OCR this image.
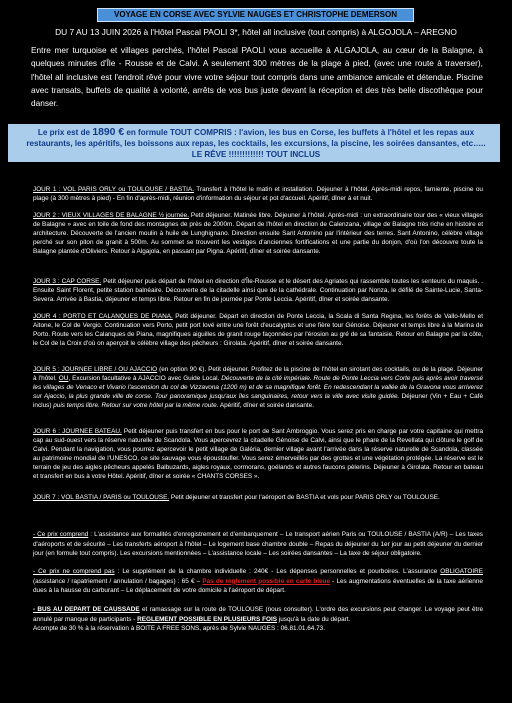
VOYAGE EN CORSE AVEC SYLVIE NAUGES ET CHRISTOPHE DEMERSON
DU 7 AU 13 JUIN 2026 à l'Hôtel Pascal PAOLI 3*, hôtel all inclusive (tout compris) à ALGOJOLA – AREGNO
Entre mer turquoise et villages perchés, l'hôtel Pascal PAOLI vous accueille à ALGAJOLA, au cœur de la Balagne, à quelques minutes d'Île - Rousse et de Calvi. A seulement 300 mètres de la plage à pied, (avec une route à traverser), l'hôtel all inclusive est l'endroit rêvé pour vivre votre séjour tout compris dans une ambiance amicale et détendue. Piscine avec transats, buffets de qualité à volonté, arrêts de vos bus juste devant la réception et des très belle discothèque pour danser.
Le prix est de 1890 € en formule TOUT COMPRIS : l'avion, les bus en Corse, les buffets à l'hôtel et les repas aux
restaurants, les apéritifs, les boissons aux repas, les cocktails, les excursions, la piscine, les soirées dansantes, etc…..
LE RÊVE !!!!!!!!!!!!! TOUT INCLUS
JOUR 1 : VOL PARIS ORLY ou TOULOUSE / BASTIA. Transfert à l'hôtel le matin et installation. Déjeuner à l'hôtel. Après-midi repos, farniente, piscine ou plage (à 300 mètres à pied) - En fin d'après-midi, réunion d'information du séjour et pot d'accueil. Apéritif, dîner à et nuit.
JOUR 2 : VIEUX VILLAGES DE BALAGNE ½ journée. Petit déjeuner. Matinée libre. Déjeuner à l'hôtel. Après-midi : un extraordinaire tour des « vieux villages de Balagne » avec en toile de fond des montagnes de près de 2000m. Départ de l'hôtel en direction de Calenzana, village de Balagne très riche en histoire et architecture. Découverte de l'ancien moulin à huile de Lunghignano. Direction ensuite Sant Antonino par l'intérieur des terres. Sant Antonino, célèbre village perché sur son piton de granit à 500m. Au sommet se trouvent les vestiges d'anciennes fortifications et une partie du donjon, d'où l'on découvre toute la Balagne plantée d'Oliviers. Retour à Algajola, en passant par Pigna. Apéritif, dîner et soirée dansante.
JOUR 3 : CAP CORSE. Petit déjeuner puis départ de l'hôtel en direction d'Île-Rousse et le désert des Agriates qui rassemble toutes les senteurs du maquis. . Ensuite Saint Florent, petite station balnéaire. Découverte de la citadelle ainsi que de la cathédrale. Continuation par Nonza, le défilé de Sainte-Lucie, Santa-Severa. Arrivée à Bastia, déjeuner et temps libre. Retour en fin de journée par Ponte Leccia. Apéritif, dîner et soirée dansante.
JOUR 4 : PORTO ET CALANQUES DE PIANA. Petit déjeuner. Départ en direction de Ponte Leccia, la Scala di Santa Regina, les forêts de Vallo-Mello et Aitone, le Col de Vergio. Continuation vers Porto, petit port lové entre une forêt d'eucalyptus et une fière tour Génoise. Déjeuner et temps libre à la Marina de Porto. Route vers les Calanques de Piana, magnifiques aiguilles de granit rouge façonnées par l'érosion au gré de sa fantaisie. Retour en Balagne par la côte, le Col de la Croix d'où on aperçoit le célèbre village des pêcheurs : Girolata. Apéritif, dîner et soirée dansante.
JOUR 5 : JOURNEE LIBRE / OU AJACCIO (en option 90 €). Petit déjeuner. Profitez de la piscine de l'hôtel en sirotant des cocktails, ou de la plage. Déjeuner à l'hôtel. OU, Excursion facultative à AJACCIO avec Guide Local. Découverte de la cité impériale. Route de Ponte Leccia vers Corte puis après avoir traversé les villages de Venaco et Vivario l'ascension du col de Vizzavona (1200 m) et de sa magnifique forêt. En redescendant la vallée de la Gravona vous arriverez sur Ajaccio, la plus grande ville de corse. Tour panoramique jusqu'aux îles sanguinaires, retour vers la ville avec visite guidée. Déjeuner (Vin + Eau + Café inclus) puis temps libre. Retour sur votre hôtel par la même route. Apéritif, dîner et soirée dansante.
JOUR 6 : JOURNEE BATEAU. Petit déjeuner puis transfert en bus pour le port de Sant Ambroggio. Vous serez pris en charge par votre capitaine qui mettra cap au sud-ouest vers la réserve naturelle de Scandola. Vous apercevrez la citadelle Génoise de Calvi, ainsi que le phare de la Revellata qui clôture le golf de Calvi. Pendant la navigation, vous pourrez apercevoir le petit village de Galéria, dernier village avant l'arrivée dans la réserve naturelle de Scandola, classée au patrimoine mondial de l'UNESCO, ce site sauvage vous époustoufler. Vous serez émerveillés par des grottes et une végétation protégée. La réserve est le terrain de jeu des aigles pêcheurs appelés Balbuzards, aigles royaux, cormorans, goélands et autres faucons pèlerins. Déjeuner à Girolata. Retour en bateau et transfert en bus à votre Hôtel. Apéritif, dîner et soirée « CHANTS CORSES ».
JOUR 7 : VOL BASTIA / PARIS ou TOULOUSE. Petit déjeuner et transfert pour l'aéroport de BASTIA et vols pour PARIS ORLY ou TOULOUSE.
- Ce prix comprend : L'assistance aux formalités d'enregistrement et d'embarquement – Le transport aérien Paris ou TOULOUSE / BASTIA (A/R) – Les taxes d'aéroports et de sécurité – Les transferts aéroport à l'hôtel – Le logement base chambre double – Repas du déjeuner du 1er jour au petit déjeuner du dernier jour (en formule tout compris). Les excursions mentionnées – L'assistance locale – Les soirées dansantes – La taxe de séjour obligatoire.
- Ce prix ne comprend pas : Le supplément de la chambre individuelle : 240€ - Les dépenses personnelles et pourboires. L'assurance OBLIGATOIRE (assistance / rapatriement / annulation / bagages) : 65 € – Pas de règlement possible en carte bleue - Les augmentations éventuelles de la taxe aérienne dues à la hausse du carburant – Le déplacement de votre domicile à l'aéroport de départ.
- BUS AU DEPART DE CAUSSADE et ramassage sur la route de TOULOUSE (nous consulter). L'ordre des excursions peut changer. Le voyage peut être annulé par manque de participants - REGLEMENT POSSIBLE EN PLUSIEURS FOIS jusqu'à la date du départ.
Acompte de 30 % à la réservation à BOITE A FREE SONS, après de Sylvie NAUGES : 06.81.01.64.73.
